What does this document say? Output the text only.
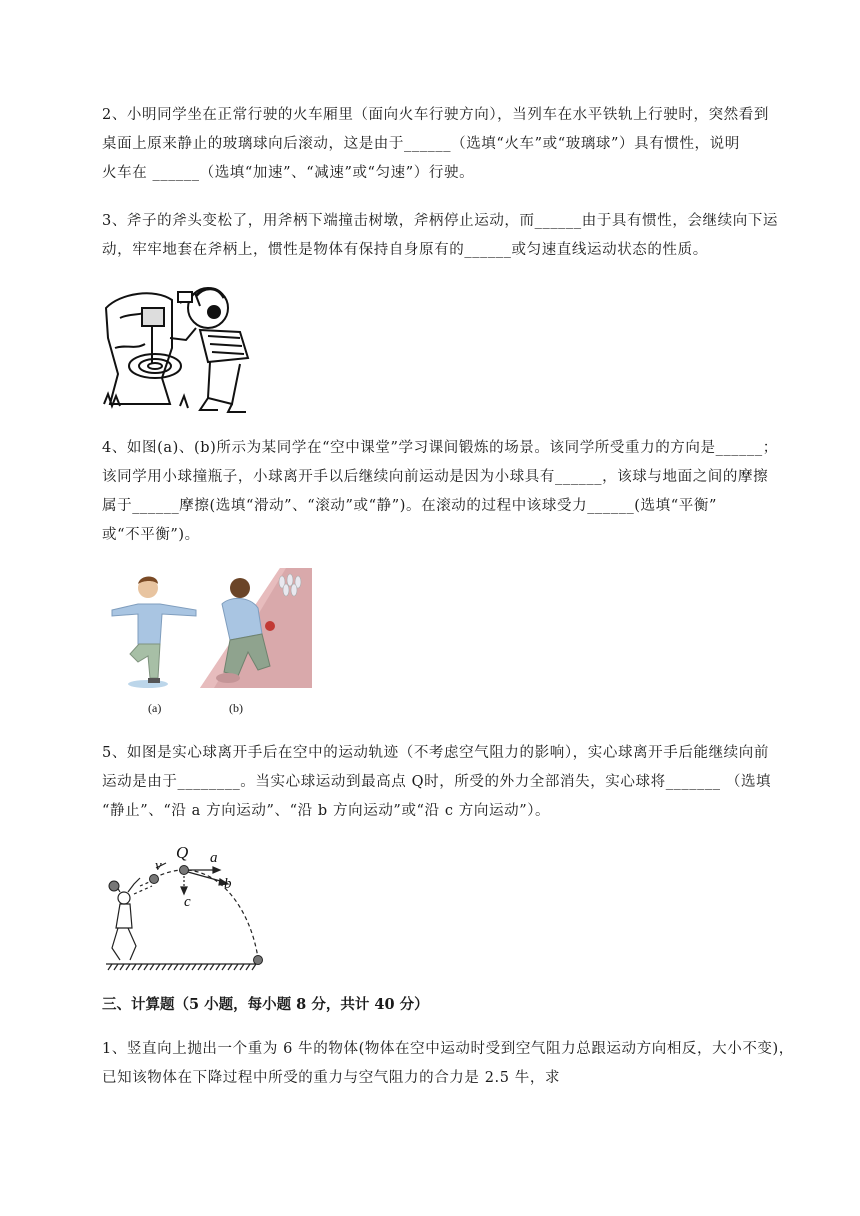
2、小明同学坐在正常行驶的火车厢里（面向火车行驶方向），当列车在水平铁轨上行驶时，突然看到
桌面上原来静止的玻璃球向后滚动，这是由于______（选填“火车”或“玻璃球”）具有惯性，说明
火车在 ______（选填“加速”、“减速”或“匀速”）行驶。
3、斧子的斧头变松了，用斧柄下端撞击树墩，斧柄停止运动，而______由于具有惯性，会继续向下运
动，牢牢地套在斧柄上，惯性是物体有保持自身原有的______或匀速直线运动状态的性质。
4、如图(a)、(b)所示为某同学在“空中课堂”学习课间锻炼的场景。该同学所受重力的方向是______；
该同学用小球撞瓶子，小球离开手以后继续向前运动是因为小球具有______，该球与地面之间的摩擦
属于______摩擦(选填“滑动”、“滚动”或“静”)。在滚动的过程中该球受力______(选填“平衡”
或“不平衡”)。
(a)	(b)
5、如图是实心球离开手后在空中的运动轨迹（不考虑空气阻力的影响），实心球离开手后能继续向前
运动是由于________。当实心球运动到最高点 Q时，所受的外力全部消失，实心球将_______ （选填
“静止”、“沿 a 方向运动”、“沿 b 方向运动”或“沿 c 方向运动”）。
v
Q a
b
c
三、计算题（5 小题，每小题 8 分，共计 40 分）
1、竖直向上抛出一个重为 6 牛的物体(物体在空中运动时受到空气阻力总跟运动方向相反，大小不变)，
已知该物体在下降过程中所受的重力与空气阻力的合力是 2.5 牛，求
